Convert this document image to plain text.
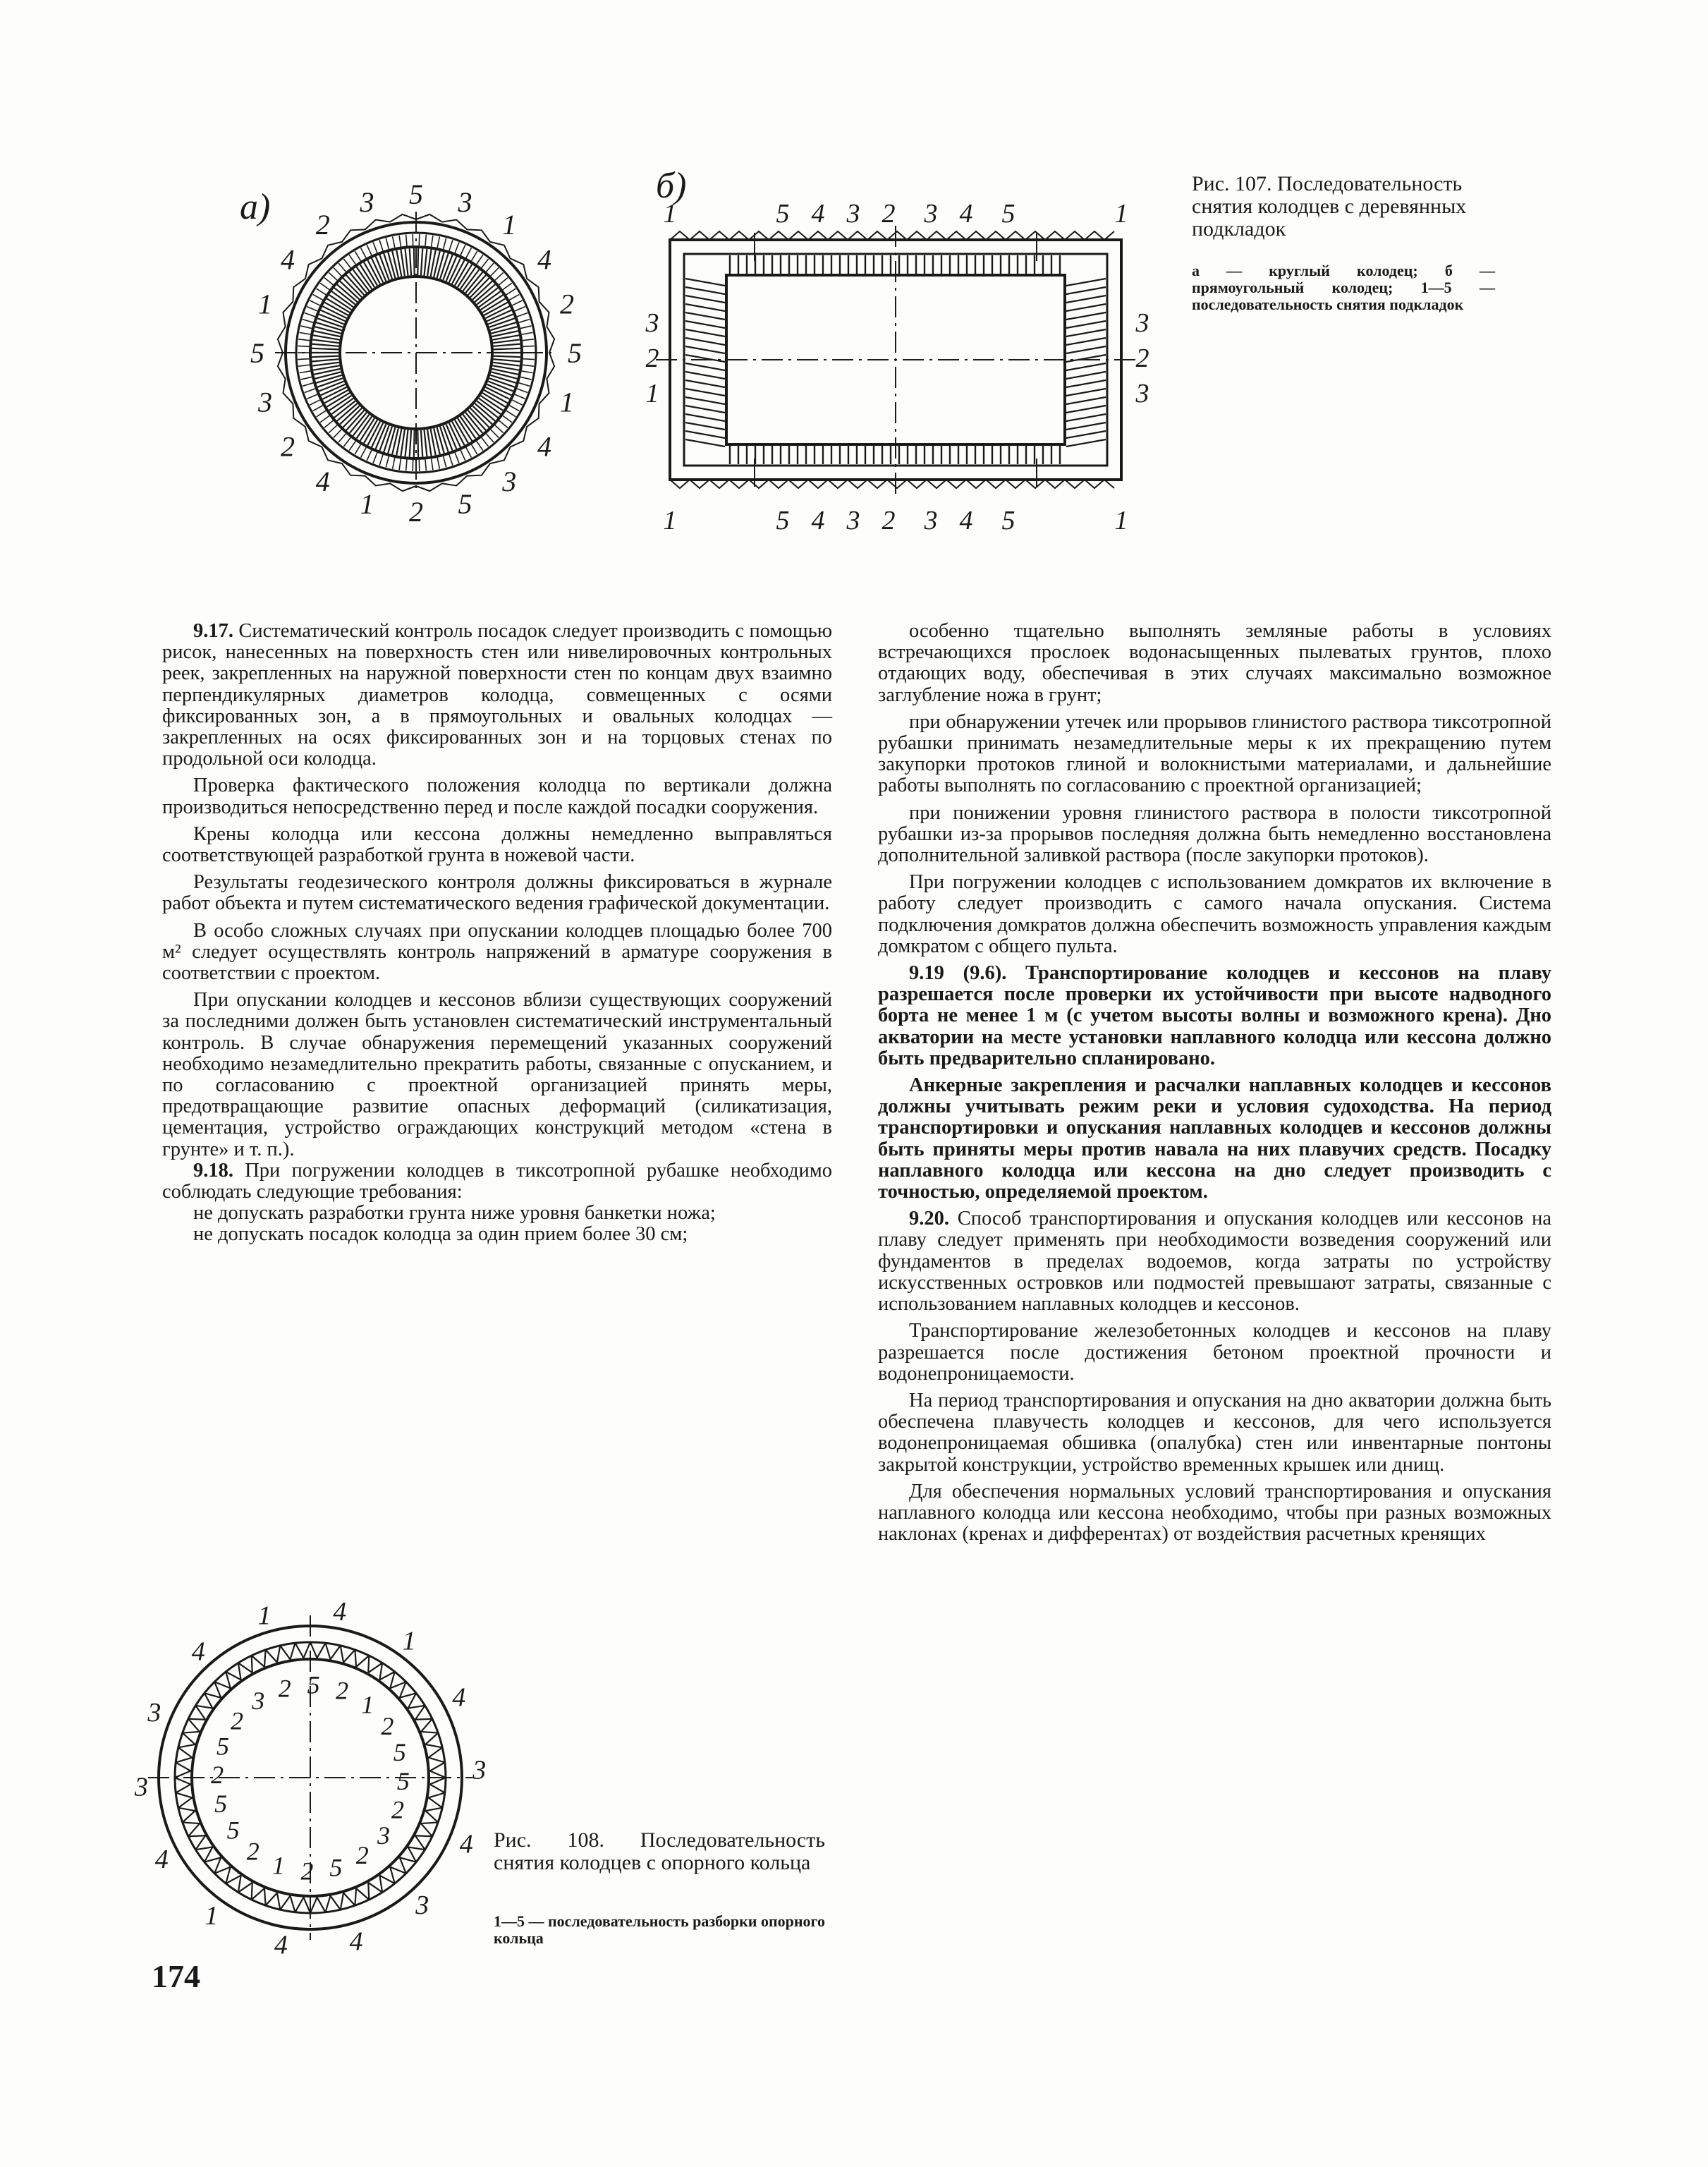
а)
б)
5 3
1
4
2
5
1
4
3
5
2
1
4
2
3
5
1
4
2
3	1	5 4 3 2 3 4 5	1
1	5 4 3 2 3 4 5	1
3
2
1
3
2
3
Рис. 107. Последовательность снятия колодцев с деревянных подкладок
а — круглый колодец; б — прямоугольный колодец; 1—5 — последовательность снятия подкладок

9.17. Систематический контроль посадок следует производить с помощью рисок, нанесенных на поверхность стен или нивелировочных контрольных реек, закрепленных на наружной поверхности стен по концам двух взаимно перпендикулярных диаметров колодца, совмещенных с осями фиксированных зон, а в прямоугольных и овальных колодцах — закрепленных на осях фиксированных зон и на торцовых стенах по продольной оси колодца.

Проверка фактического положения колодца по вертикали должна производиться непосредственно перед и после каждой посадки сооружения.

Крены колодца или кессона должны немедленно выправляться соответствующей разработкой грунта в ножевой части.

Результаты геодезического контроля должны фиксироваться в журнале работ объекта и путем систематического ведения графической документации.

В особо сложных случаях при опускании колодцев площадью более 700 м² следует осуществлять контроль напряжений в арматуре сооружения в соответствии с проектом.

При опускании колодцев и кессонов вблизи существующих сооружений за последними должен быть установлен систематический инструментальный контроль. В случае обнаружения перемещений указанных сооружений необходимо незамедлительно прекратить работы, связанные с опусканием, и по согласованию с проектной организацией принять меры, предотвращающие развитие опасных деформаций (силикатизация, цементация, устройство ограждающих конструкций методом «стена в грунте» и т. п.).

9.18. При погружении колодцев в тиксотропной рубашке необходимо соблюдать следующие требования:

не допускать разработки грунта ниже уровня банкетки ножа;

не допускать посадок колодца за один прием более 30 см;

особенно тщательно выполнять земляные работы в условиях встречающихся прослоек водонасыщенных пылеватых грунтов, плохо отдающих воду, обеспечивая в этих случаях максимально возможное заглубление ножа в грунт;

при обнаружении утечек или прорывов глинистого раствора тиксотропной рубашки принимать незамедлительные меры к их прекращению путем закупорки протоков глиной и волокнистыми материалами, и дальнейшие работы выполнять по согласованию с проектной организацией;

при понижении уровня глинистого раствора в полости тиксотропной рубашки из-за прорывов последняя должна быть немедленно восстановлена дополнительной заливкой раствора (после закупорки протоков).

При погружении колодцев с использованием домкратов их включение в работу следует производить с самого начала опускания. Система подключения домкратов должна обеспечить возможность управления каждым домкратом с общего пульта.

9.19 (9.6). Транспортирование колодцев и кессонов на плаву разрешается после проверки их устойчивости при высоте надводного борта не менее 1 м (с учетом высоты волны и возможного крена). Дно акватории на месте установки наплавного колодца или кессона должно быть предварительно спланировано.

Анкерные закрепления и расчалки наплавных колодцев и кессонов должны учитывать режим реки и условия судоходства. На период транспортировки и опускания наплавных колодцев и кессонов должны быть приняты меры против навала на них плавучих средств. Посадку наплавного колодца или кессона на дно следует производить с точностью, определяемой проектом.

9.20. Способ транспортирования и опускания колодцев или кессонов на плаву следует применять при необходимости возведения сооружений или фундаментов в пределах водоемов, когда затраты по устройству искусственных островков или подмостей превышают затраты, связанные с использованием наплавных колодцев и кессонов.

Транспортирование железобетонных колодцев и кессонов на плаву разрешается после достижения бетоном проектной прочности и водонепроницаемости.

На период транспортирования и опускания на дно акватории должна быть обеспечена плавучесть колодцев и кессонов, для чего используется водонепроницаемая обшивка (опалубка) стен или инвентарные понтоны закрытой конструкции, устройство временных крышек или днищ.

Для обеспечения нормальных условий транспортирования и опускания наплавного колодца или кессона необходимо, чтобы при разных возможных наклонах (кренах и дифферентах) от воздействия расчетных кренящих

4
1
4
3
4
3
4
4
1
4
3
3
4
1
2 1
2
5
5
2
3
2
5
2
1
2
5
5
2
5
2
3 2 5
Рис. 108. Последовательность снятия колодцев с опорного кольца
1—5 — последовательность разборки опорного кольца
174
